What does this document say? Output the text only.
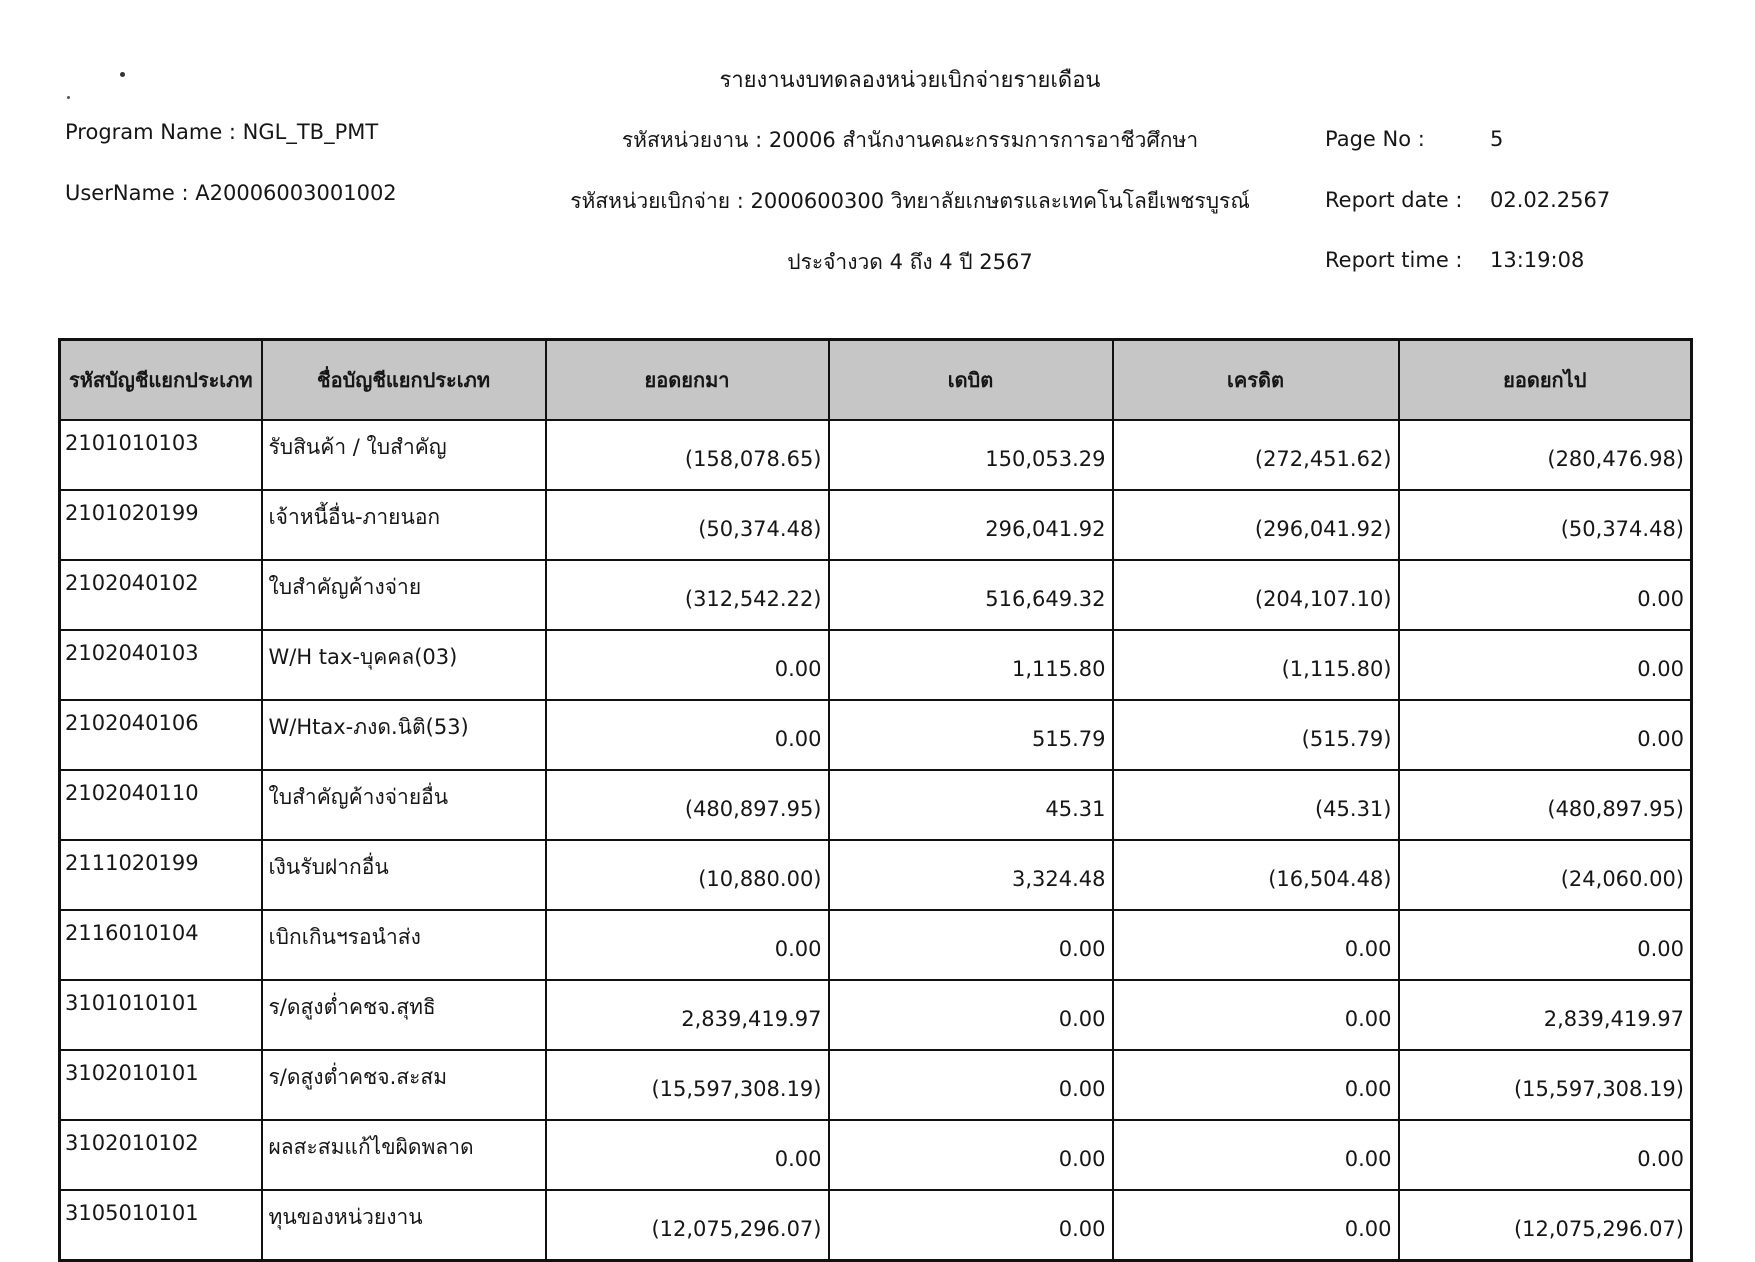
รายงานงบทดลองหน่วยเบิกจ่ายรายเดือน
Program Name : NGL_TB_PMT
UserName : A20006003001002
รหัสหน่วยงาน : 20006 สำนักงานคณะกรรมการการอาชีวศึกษา
รหัสหน่วยเบิกจ่าย : 2000600300 วิทยาลัยเกษตรและเทคโนโลยีเพชรบูรณ์
ประจำงวด 4 ถึง 4 ปี 2567
Page No :	5
Report date : 02.02.2567
Report time : 13:19:08
รหัสบัญชีแยกประเภท	ชื่อบัญชีแยกประเภท	ยอดยกมา	เดบิต	เครดิต	ยอดยกไป
2101010103	รับสินค้า / ใบสำคัญ	(158,078.65)	150,053.29	(272,451.62)	(280,476.98)
2101020199	เจ้าหนี้อื่น-ภายนอก	(50,374.48)	296,041.92	(296,041.92)	(50,374.48)
2102040102	ใบสำคัญค้างจ่าย	(312,542.22)	516,649.32	(204,107.10)	0.00
2102040103	W/H tax-บุคคล(03)	0.00	1,115.80	(1,115.80)	0.00
2102040106	W/Htax-ภงด.นิติ(53)	0.00	515.79	(515.79)	0.00
2102040110	ใบสำคัญค้างจ่ายอื่น	(480,897.95)	45.31	(45.31)	(480,897.95)
2111020199	เงินรับฝากอื่น	(10,880.00)	3,324.48	(16,504.48)	(24,060.00)
2116010104	เบิกเกินฯรอนำส่ง	0.00	0.00	0.00	0.00
3101010101	ร/ดสูงต่ำคชจ.สุทธิ	2,839,419.97	0.00	0.00	2,839,419.97
3102010101	ร/ดสูงต่ำคชจ.สะสม	(15,597,308.19)	0.00	0.00	(15,597,308.19)
3102010102	ผลสะสมแก้ไขผิดพลาด	0.00	0.00	0.00	0.00
3105010101	ทุนของหน่วยงาน	(12,075,296.07)	0.00	0.00	(12,075,296.07)
